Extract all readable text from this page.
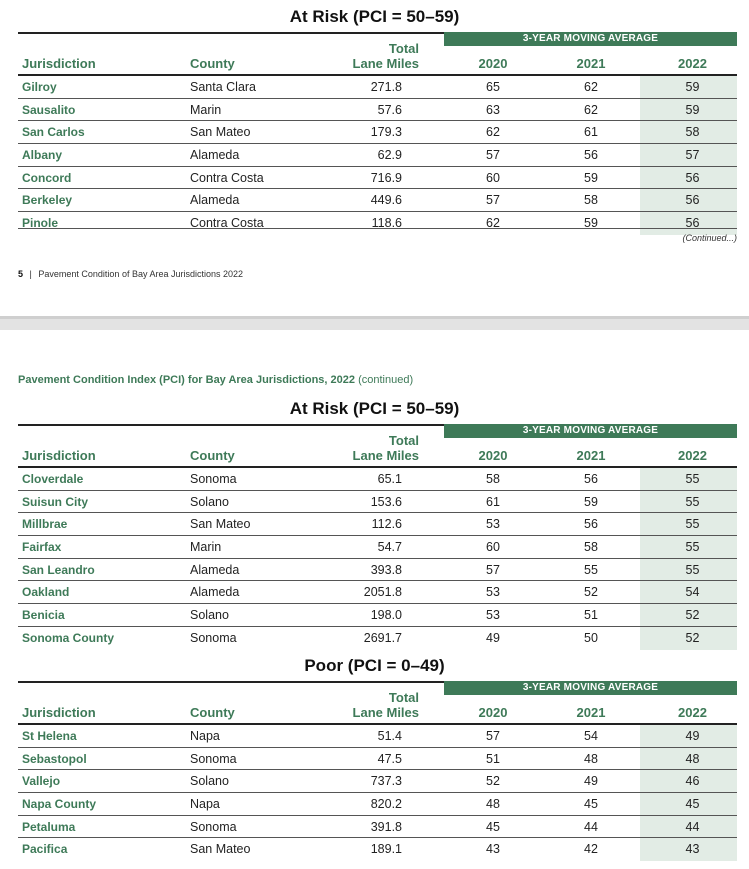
At Risk (PCI = 50–59)
3-YEAR MOVING AVERAGE
Jurisdiction	County
Total
Lane Miles	2020	2021	2022
Gilroy	Santa Clara	271.8	65	62	59
Sausalito	Marin	57.6	63	62	59
San Carlos	San Mateo	179.3	62	61	58
Albany	Alameda	62.9	57	56	57
Concord	Contra Costa	716.9	60	59	56
Berkeley	Alameda	449.6	57	58	56
Pinole	Contra Costa	118.6	62	59	56
(Continued...)
5 | Pavement Condition of Bay Area Jurisdictions 2022
Pavement Condition Index (PCI) for Bay Area Jurisdictions, 2022 (continued)
At Risk (PCI = 50–59)
3-YEAR MOVING AVERAGE
Jurisdiction	County
Total
Lane Miles	2020	2021	2022
Cloverdale	Sonoma	65.1	58	56	55
Suisun City	Solano	153.6	61	59	55
Millbrae	San Mateo	112.6	53	56	55
Fairfax	Marin	54.7	60	58	55
San Leandro	Alameda	393.8	57	55	55
Oakland	Alameda	2051.8	53	52	54
Benicia	Solano	198.0	53	51	52
Sonoma County	Sonoma	2691.7	49	50	52
Poor (PCI = 0–49)
3-YEAR MOVING AVERAGE
Jurisdiction	County
Total
Lane Miles	2020	2021	2022
St Helena	Napa	51.4	57	54	49
Sebastopol	Sonoma	47.5	51	48	48
Vallejo	Solano	737.3	52	49	46
Napa County	Napa	820.2	48	45	45
Petaluma	Sonoma	391.8	45	44	44
Pacifica	San Mateo	189.1	43	42	43
